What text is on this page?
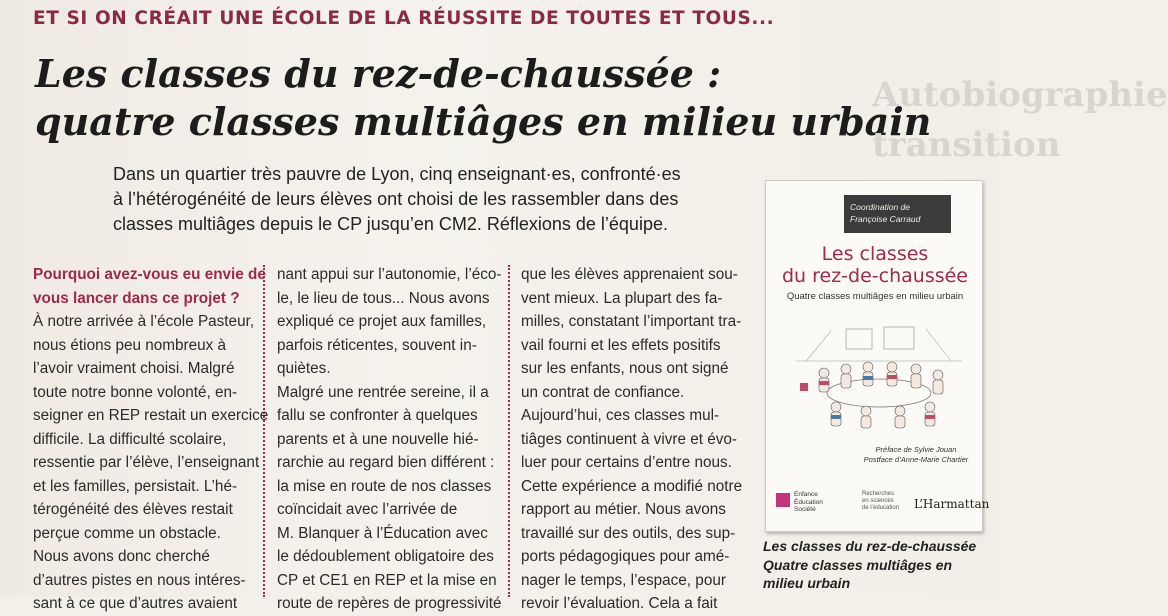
ET SI ON CRÉAIT UNE ÉCOLE DE LA RÉUSSITE DE TOUTES ET TOUS...
Les classes du rez-de-chaussée :
quatre classes multiâges en milieu urbain
Autobiographie
transition
Dans un quartier très pauvre de Lyon, cinq enseignant·es, confronté·es
à l’hétérogénéité de leurs élèves ont choisi de les rassembler dans des
classes multiâges depuis le CP jusqu’en CM2. Réflexions de l’équipe.
Pourquoi avez-vous eu envie de
vous lancer dans ce projet ?
À notre arrivée à l’école Pasteur,
nous étions peu nombreux à
l’avoir vraiment choisi. Malgré
toute notre bonne volonté, en-
seigner en REP restait un exercice
difficile. La difficulté scolaire,
ressentie par l’élève, l’enseignant
et les familles, persistait. L’hé-
térogénéité des élèves restait
perçue comme un obstacle.
Nous avons donc cherché
d’autres pistes en nous intéres-
sant à ce que d’autres avaient
nant appui sur l’autonomie, l’éco-
le, le lieu de tous... Nous avons
expliqué ce projet aux familles,
parfois réticentes, souvent in-
quiètes.
Malgré une rentrée sereine, il a
fallu se confronter à quelques
parents et à une nouvelle hié-
rarchie au regard bien différent :
la mise en route de nos classes
coïncidait avec l’arrivée de
M. Blanquer à l’Éducation avec
le dédoublement obligatoire des
CP et CE1 en REP et la mise en
route de repères de progressivité
que les élèves apprenaient sou-
vent mieux. La plupart des fa-
milles, constatant l’important tra-
vail fourni et les effets positifs
sur les enfants, nous ont signé
un contrat de confiance.
Aujourd’hui, ces classes mul-
tiâges continuent à vivre et évo-
luer pour certains d’entre nous.
Cette expérience a modifié notre
rapport au métier. Nous avons
travaillé sur des outils, des sup-
ports pédagogiques pour amé-
nager le temps, l’espace, pour
revoir l’évaluation. Cela a fait
Coordination de
Françoise Carraud
Les classes
du rez-de-chaussée
Quatre classes multiâges en milieu urbain
Préface de Sylvie Jouan
Postface d’Anne-Marie Chartier
Enfance
Éducation
Société
Recherches
en sciences
de l’éducation L’Harmattan
Les classes du rez-de-chaussée
Quatre classes multiâges en
milieu urbain
